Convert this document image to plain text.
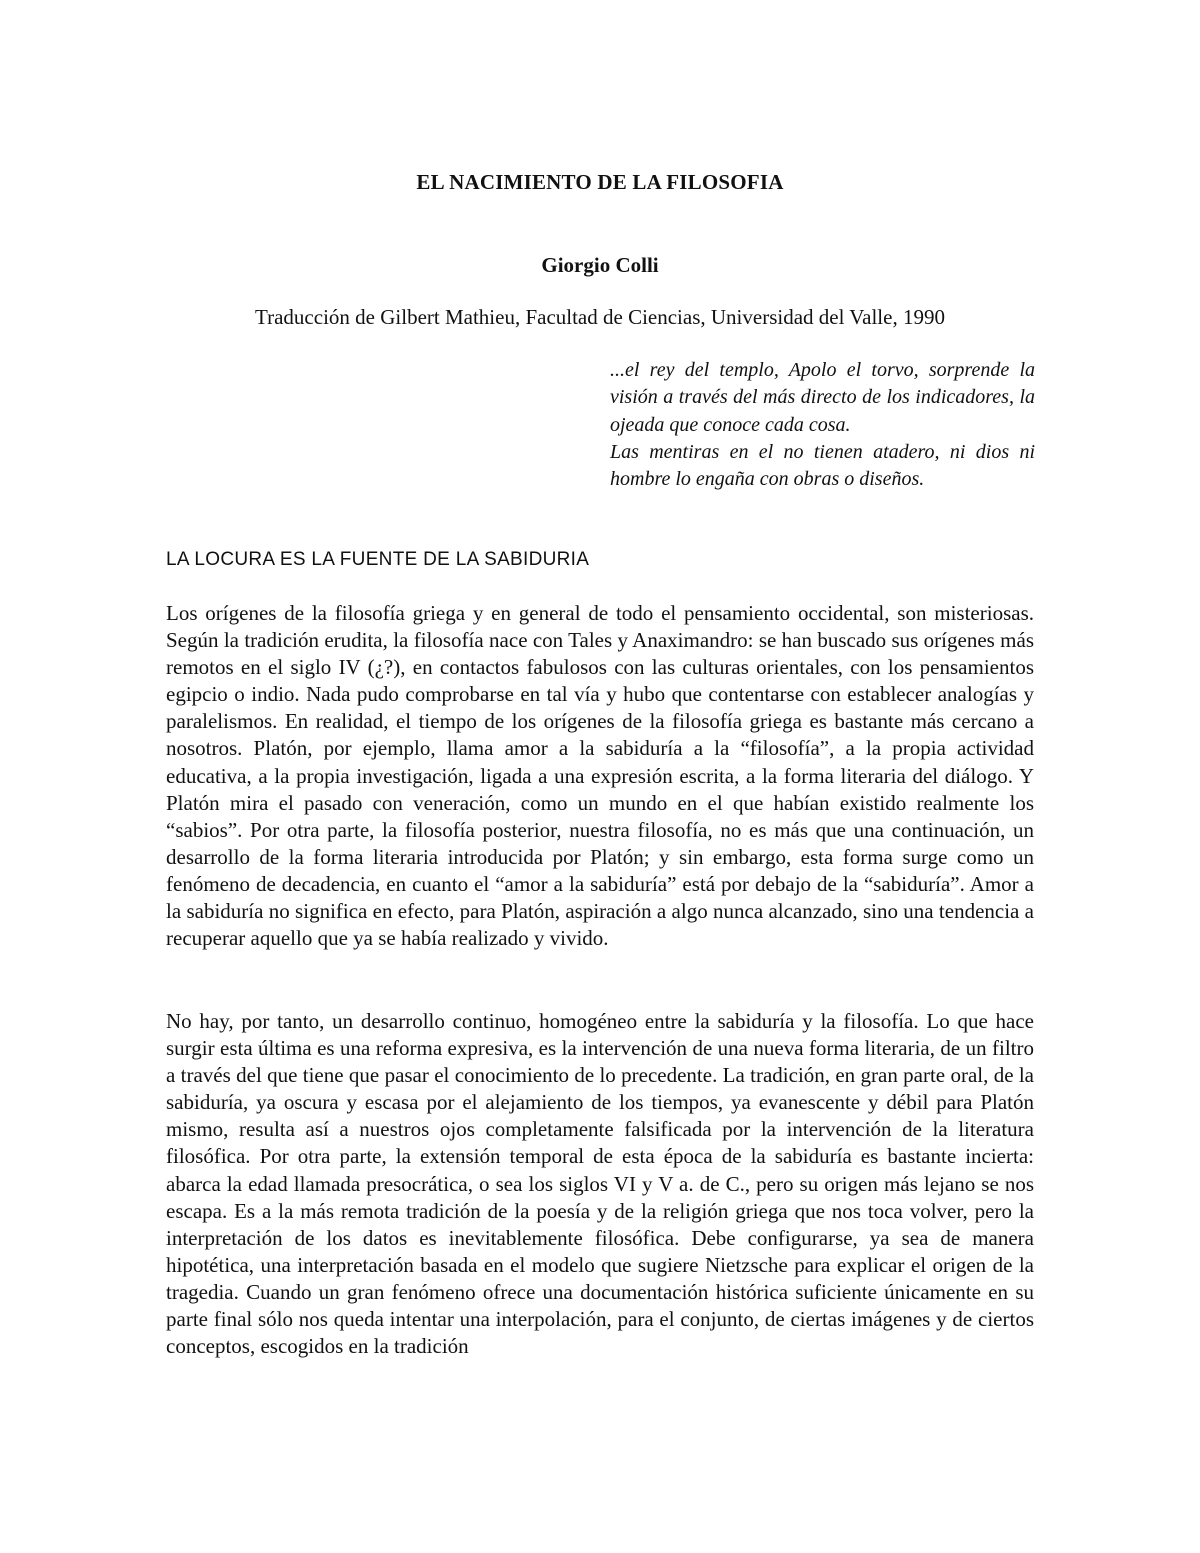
EL NACIMIENTO DE LA FILOSOFIA
Giorgio Colli
Traducción de Gilbert Mathieu, Facultad de Ciencias, Universidad del Valle, 1990

...el rey del templo, Apolo el torvo, sorprende la visión a través del más directo de los indicadores, la ojeada que conoce cada cosa.

Las mentiras en el no tienen atadero, ni dios ni hombre lo engaña con obras o diseños.

LA LOCURA ES LA FUENTE DE LA SABIDURIA

Los orígenes de la filosofía griega y en general de todo el pensamiento occidental, son misteriosas. Según la tradición erudita, la filosofía nace con Tales y Anaximandro: se han buscado sus orígenes más remotos en el siglo IV (¿?), en contactos fabulosos con las culturas orientales, con los pensamientos egipcio o indio. Nada pudo comprobarse en tal vía y hubo que contentarse con establecer analogías y paralelismos. En realidad, el tiempo de los orígenes de la filosofía griega es bastante más cercano a nosotros. Platón, por ejemplo, llama amor a la sabiduría a la “filosofía”, a la propia actividad educativa, a la propia investigación, ligada a una expresión escrita, a la forma literaria del diálogo. Y Platón mira el pasado con veneración, como un mundo en el que habían existido realmente los “sabios”. Por otra parte, la filosofía posterior, nuestra filosofía, no es más que una continuación, un desarrollo de la forma literaria introducida por Platón; y sin embargo, esta forma surge como un fenómeno de decadencia, en cuanto el “amor a la sabiduría” está por debajo de la “sabiduría”. Amor a la sabiduría no significa en efecto, para Platón, aspiración a algo nunca alcanzado, sino una tendencia a recuperar aquello que ya se había realizado y vivido.

No hay, por tanto, un desarrollo continuo, homogéneo entre la sabiduría y la filosofía. Lo que hace surgir esta última es una reforma expresiva, es la intervención de una nueva forma literaria, de un filtro a través del que tiene que pasar el conocimiento de lo precedente. La tradición, en gran parte oral, de la sabiduría, ya oscura y escasa por el alejamiento de los tiempos, ya evanescente y débil para Platón mismo, resulta así a nuestros ojos completamente falsificada por la intervención de la literatura filosófica. Por otra parte, la extensión temporal de esta época de la sabiduría es bastante incierta: abarca la edad llamada presocrática, o sea los siglos VI y V a. de C., pero su origen más lejano se nos escapa. Es a la más remota tradición de la poesía y de la religión griega que nos toca volver, pero la interpretación de los datos es inevitablemente filosófica. Debe configurarse, ya sea de manera hipotética, una interpretación basada en el modelo que sugiere Nietzsche para explicar el origen de la tragedia. Cuando un gran fenómeno ofrece una documentación histórica suficiente únicamente en su parte final sólo nos queda intentar una interpolación, para el conjunto, de ciertas imágenes y de ciertos conceptos, escogidos en la tradición
